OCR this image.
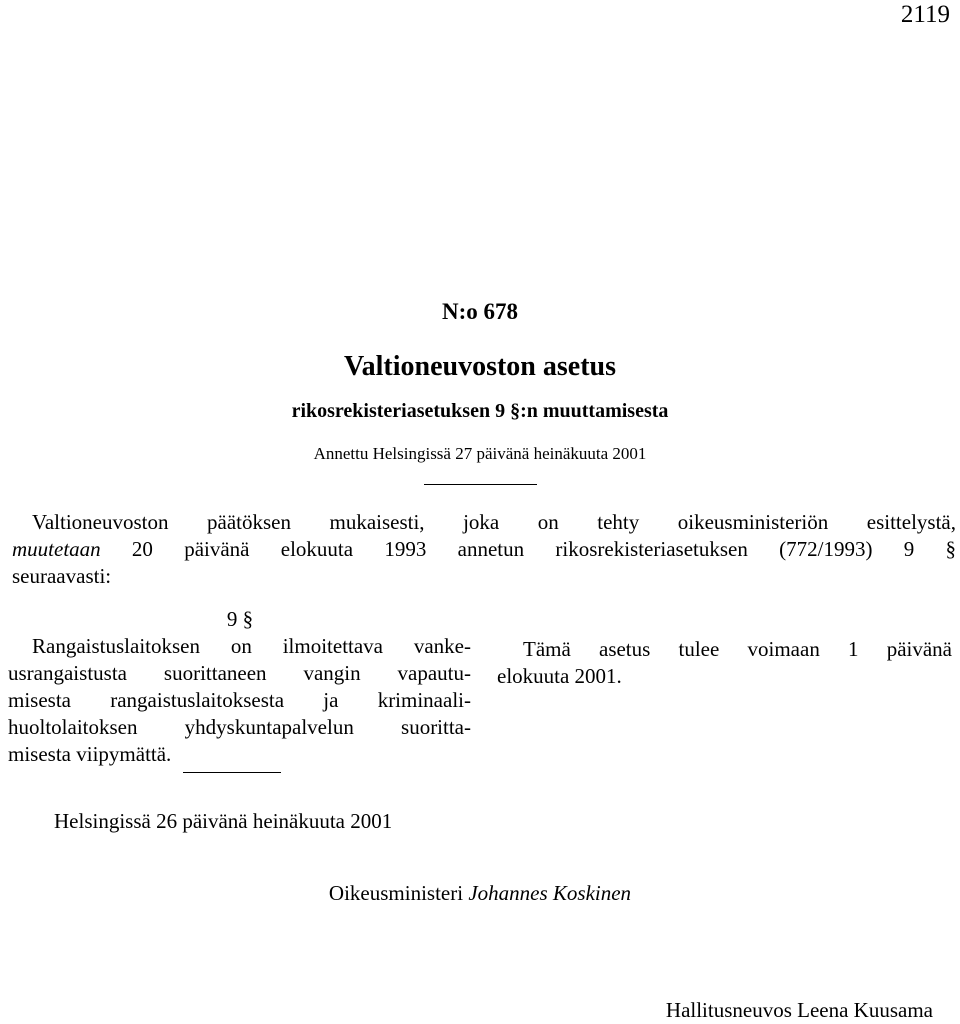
2119
N:o 678
Valtioneuvoston asetus
rikosrekisteriasetuksen 9 §:n muuttamisesta
Annettu Helsingissä 27 päivänä heinäkuuta 2001
Valtioneuvoston päätöksen mukaisesti, joka on tehty oikeusministeriön esittelystä,
muutetaan 20 päivänä elokuuta 1993 annetun rikosrekisteriasetuksen (772/1993) 9 §
seuraavasti:
9 §
Rangaistuslaitoksen on ilmoitettava vanke-
usrangaistusta suorittaneen vangin vapautu-
misesta rangaistuslaitoksesta ja kriminaali-
huoltolaitoksen yhdyskuntapalvelun suoritta-
misesta viipymättä.
Tämä asetus tulee voimaan 1 päivänä
elokuuta 2001.
Helsingissä 26 päivänä heinäkuuta 2001
Oikeusministeri Johannes Koskinen
Hallitusneuvos Leena Kuusama
